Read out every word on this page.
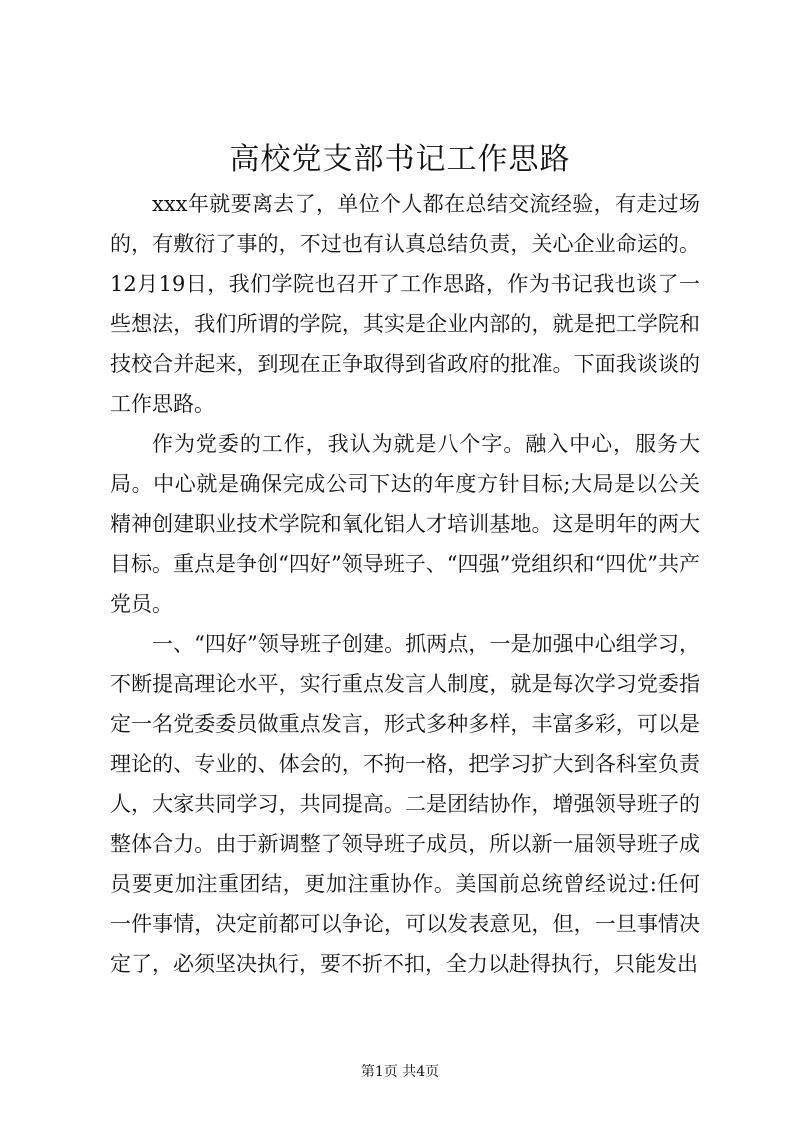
高校党支部书记工作思路

xxx年就要离去了，单位个人都在总结交流经验，有走过场的，有敷衍了事的，不过也有认真总结负责，关心企业命运的。12月19日，我们学院也召开了工作思路，作为书记我也谈了一些想法，我们所谓的学院，其实是企业内部的，就是把工学院和技校合并起来，到现在正争取得到省政府的批准。下面我谈谈的工作思路。

作为党委的工作，我认为就是八个字。融入中心，服务大局。中心就是确保完成公司下达的年度方针目标;大局是以公关精神创建职业技术学院和氧化铝人才培训基地。这是明年的两大目标。重点是争创“四好”领导班子、“四强”党组织和“四优”共产党员。

一、“四好”领导班子创建。抓两点，一是加强中心组学习，不断提高理论水平，实行重点发言人制度，就是每次学习党委指定一名党委委员做重点发言，形式多种多样，丰富多彩，可以是理论的、专业的、体会的，不拘一格，把学习扩大到各科室负责人，大家共同学习，共同提高。二是团结协作，增强领导班子的整体合力。由于新调整了领导班子成员，所以新一届领导班子成员要更加注重团结，更加注重协作。美国前总统曾经说过:任何一件事情，决定前都可以争论，可以发表意见，但，一旦事情决定了，必须坚决执行，要不折不扣，全力以赴得执行，只能发出

第1页 共4页
